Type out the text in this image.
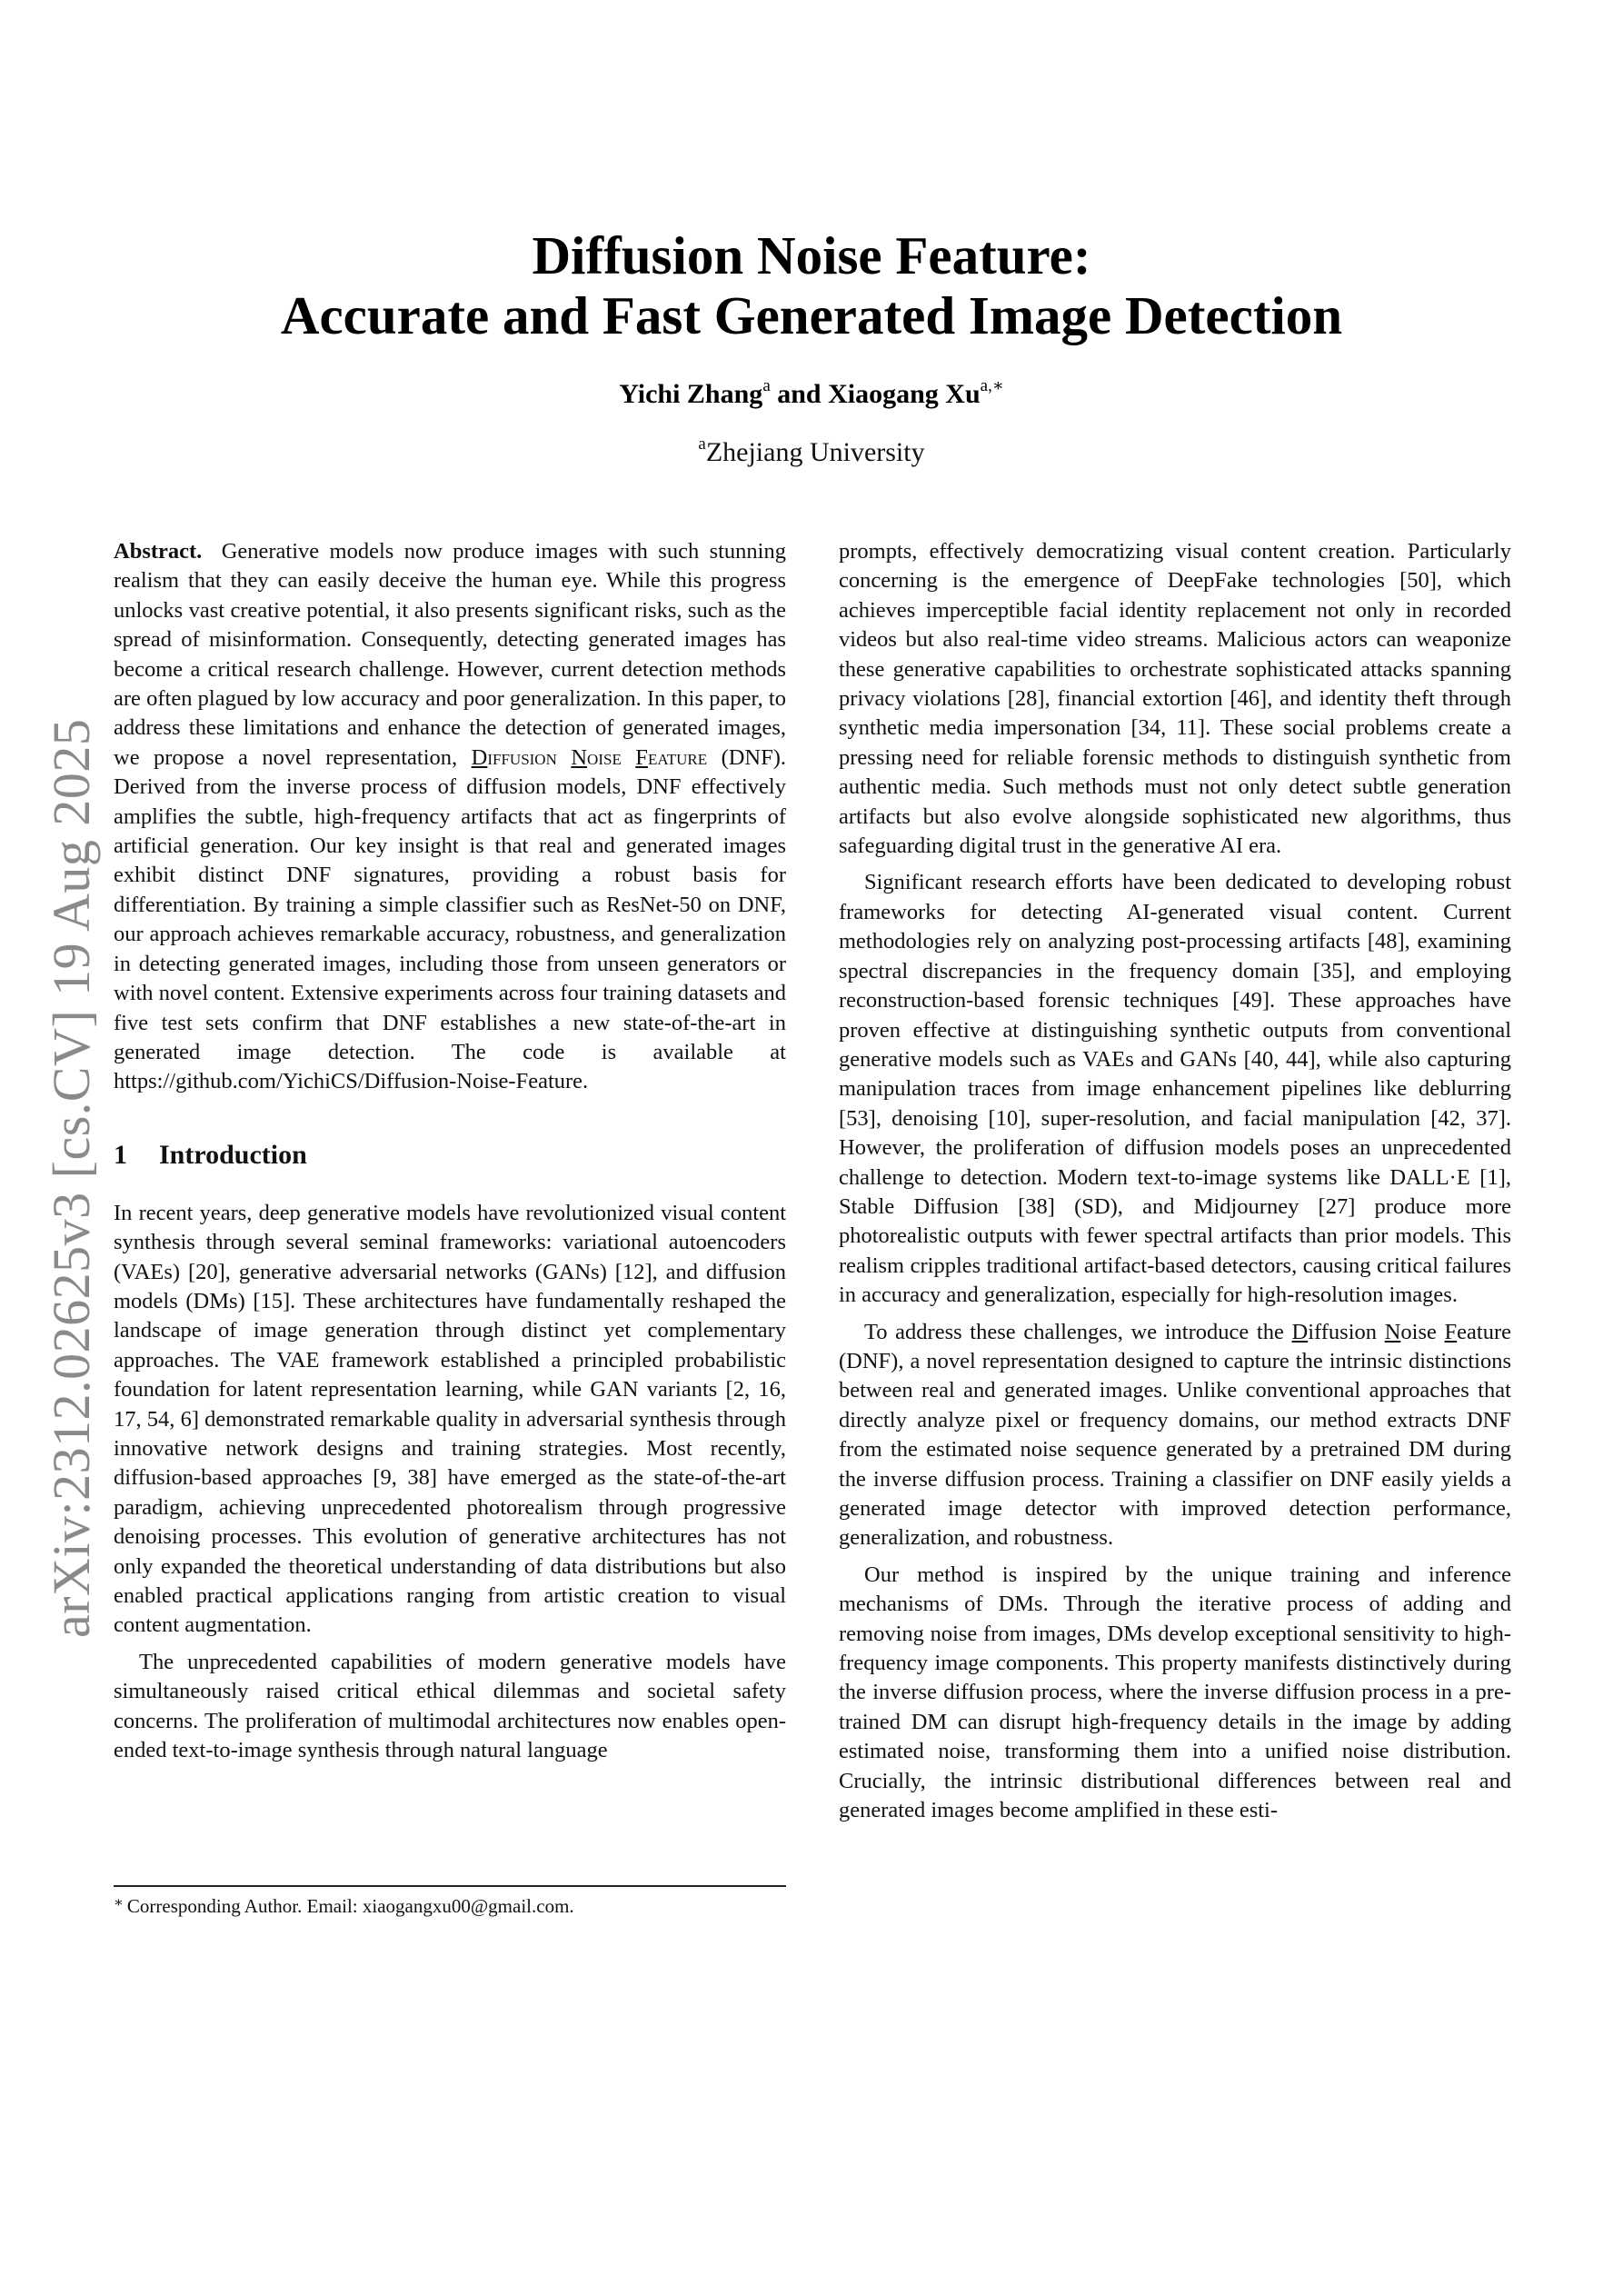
arXiv:2312.02625v3 [cs.CV] 19 Aug 2025
Diffusion Noise Feature:
Accurate and Fast Generated Image Detection
Yichi Zhang$^a$ and Xiaogang $Xu^{a,∗}$
$^a$Zhejiang University

Abstract. Generative models now produce images with such stunning realism that they can easily deceive the human eye. While this progress unlocks vast creative potential, it also presents significant risks, such as the spread of misinformation. Consequently, detecting generated images has become a critical research challenge. However, current detection methods are often plagued by low accuracy and poor generalization. In this paper, to address these limitations and enhance the detection of generated images, we propose a novel representation, Diffusion Noise Feature (DNF). Derived from the inverse process of diffusion models, DNF effectively amplifies the subtle, high-frequency artifacts that act as fingerprints of artificial generation. Our key insight is that real and generated images exhibit distinct DNF signatures, providing a robust basis for differentiation. By training a simple classifier such as ResNet-50 on DNF, our approach achieves remarkable accuracy, robustness, and generalization in detecting generated images, including those from unseen generators or with novel content. Extensive experiments across four training datasets and five test sets confirm that DNF establishes a new state-of-the-art in generated image detection. The code is available at https://github.com/YichiCS/Diffusion-Noise-Feature.

1 Introduction

In recent years, deep generative models have revolutionized visual content synthesis through several seminal frameworks: variational autoencoders (VAEs) [20], generative adversarial networks (GANs) [12], and diffusion models (DMs) [15]. These architectures have fundamentally reshaped the landscape of image generation through distinct yet complementary approaches. The VAE framework established a principled probabilistic foundation for latent representation learning, while GAN variants [2, 16, 17, 54, 6] demonstrated remarkable quality in adversarial synthesis through innovative network designs and training strategies. Most recently, diffusion-based approaches [9, 38] have emerged as the state-of-the-art paradigm, achieving unprecedented photorealism through progressive denoising processes. This evolution of generative architectures has not only expanded the theoretical understanding of data distributions but also enabled practical applications ranging from artistic creation to visual content augmentation.

The unprecedented capabilities of modern generative models have simultaneously raised critical ethical dilemmas and societal safety concerns. The proliferation of multimodal architectures now enables open-ended text-to-image synthesis through natural language

prompts, effectively democratizing visual content creation. Particularly concerning is the emergence of DeepFake technologies [50], which achieves imperceptible facial identity replacement not only in recorded videos but also real-time video streams. Malicious actors can weaponize these generative capabilities to orchestrate sophisticated attacks spanning privacy violations [28], financial extortion [46], and identity theft through synthetic media impersonation [34, 11]. These social problems create a pressing need for reliable forensic methods to distinguish synthetic from authentic media. Such methods must not only detect subtle generation artifacts but also evolve alongside sophisticated new algorithms, thus safeguarding digital trust in the generative AI era.

Significant research efforts have been dedicated to developing robust frameworks for detecting AI-generated visual content. Current methodologies rely on analyzing post-processing artifacts [48], examining spectral discrepancies in the frequency domain [35], and employing reconstruction-based forensic techniques [49]. These approaches have proven effective at distinguishing synthetic outputs from conventional generative models such as VAEs and GANs [40, 44], while also capturing manipulation traces from image enhancement pipelines like deblurring [53], denoising [10], super-resolution, and facial manipulation [42, 37]. However, the proliferation of diffusion models poses an unprecedented challenge to detection. Modern text-to-image systems like DALL·E [1], Stable Diffusion [38] (SD), and Midjourney [27] produce more photorealistic outputs with fewer spectral artifacts than prior models. This realism cripples traditional artifact-based detectors, causing critical failures in accuracy and generalization, especially for high-resolution images.

To address these challenges, we introduce the Diffusion Noise Feature (DNF), a novel representation designed to capture the intrinsic distinctions between real and generated images. Unlike conventional approaches that directly analyze pixel or frequency domains, our method extracts DNF from the estimated noise sequence generated by a pretrained DM during the inverse diffusion process. Training a classifier on DNF easily yields a generated image detector with improved detection performance, generalization, and robustness.

Our method is inspired by the unique training and inference mechanisms of DMs. Through the iterative process of adding and removing noise from images, DMs develop exceptional sensitivity to high-frequency image components. This property manifests distinctively during the inverse diffusion process, where the inverse diffusion process in a pre-trained DM can disrupt high-frequency details in the image by adding estimated noise, transforming them into a unified noise distribution. Crucially, the intrinsic distributional differences between real and generated images become amplified in these esti-

∗ Corresponding Author. Email: xiaogangxu00@gmail.com.
